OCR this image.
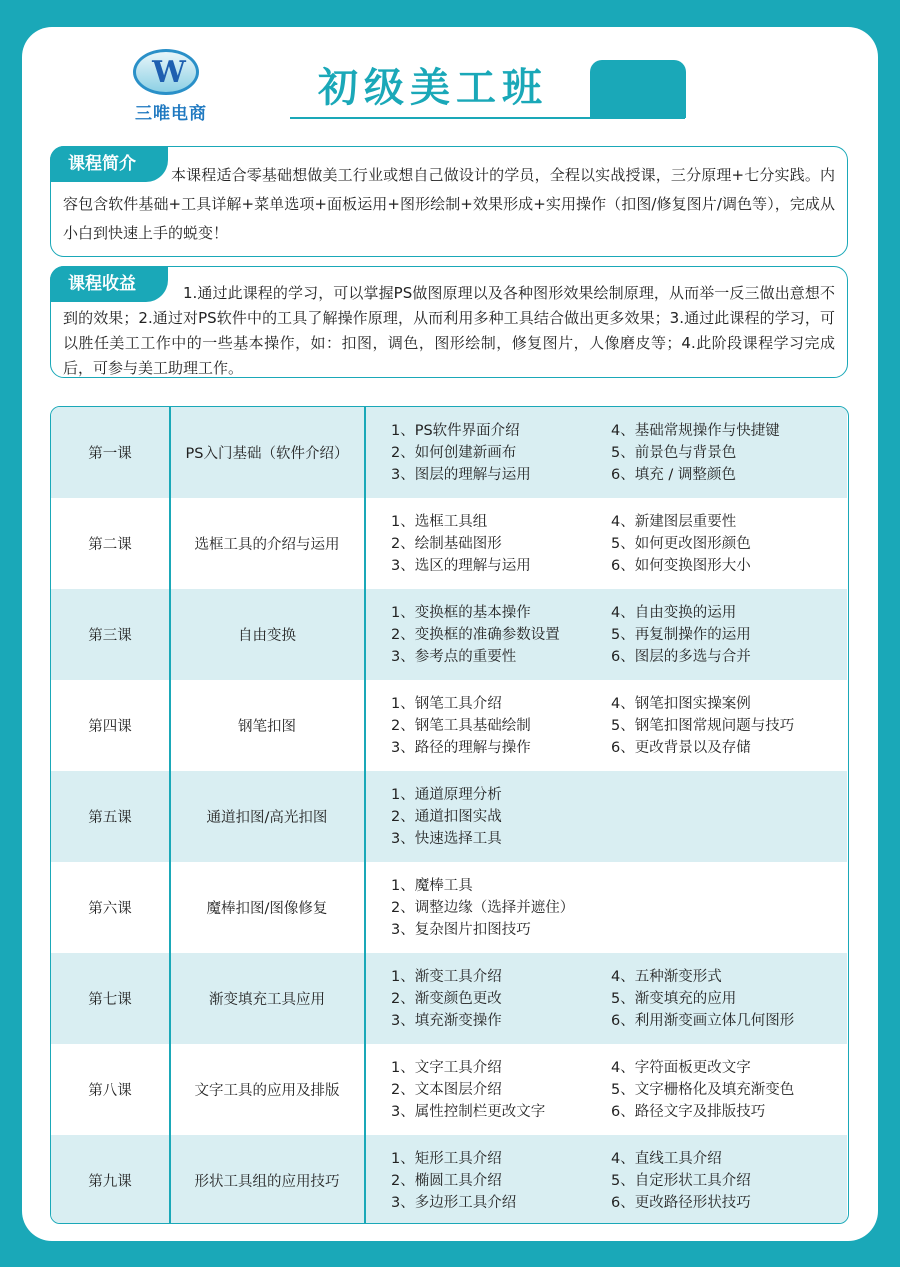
W
三唯电商
初级美工班
本课程适合零基础想做美工行业或想自己做设计的学员，全程以实战授课，三分原理+七分实践。内容包含软件基础+工具详解+菜单选项+面板运用+图形绘制+效果形成+实用操作（扣图/修复图片/调色等），完成从小白到快速上手的蜕变！
课程简介
1.通过此课程的学习，可以掌握PS做图原理以及各种图形效果绘制原理，从而举一反三做出意想不到的效果；2.通过对PS软件中的工具了解操作原理，从而利用多种工具结合做出更多效果；3.通过此课程的学习，可以胜任美工工作中的一些基本操作，如：扣图，调色，图形绘制，修复图片，人像磨皮等；4.此阶段课程学习完成后，可参与美工助理工作。
课程收益
第一课	PS入门基础（软件介绍）
1、PS软件界面介绍
2、如何创建新画布
3、图层的理解与运用
4、基础常规操作与快捷键
5、前景色与背景色
6、填充 / 调整颜色
第二课	选框工具的介绍与运用
1、选框工具组
2、绘制基础图形
3、选区的理解与运用
4、新建图层重要性
5、如何更改图形颜色
6、如何变换图形大小
第三课	自由变换
1、变换框的基本操作
2、变换框的准确参数设置
3、参考点的重要性
4、自由变换的运用
5、再复制操作的运用
6、图层的多选与合并
第四课	钢笔扣图
1、钢笔工具介绍
2、钢笔工具基础绘制
3、路径的理解与操作
4、钢笔扣图实操案例
5、钢笔扣图常规问题与技巧
6、更改背景以及存储
第五课	通道扣图/高光扣图
1、通道原理分析
2、通道扣图实战
3、快速选择工具

第六课	魔棒扣图/图像修复
1、魔棒工具
2、调整边缘（选择并遮住）
3、复杂图片扣图技巧

第七课	渐变填充工具应用
1、渐变工具介绍
2、渐变颜色更改
3、填充渐变操作
4、五种渐变形式
5、渐变填充的应用
6、利用渐变画立体几何图形
第八课	文字工具的应用及排版
1、文字工具介绍
2、文本图层介绍
3、属性控制栏更改文字
4、字符面板更改文字
5、文字栅格化及填充渐变色
6、路径文字及排版技巧
第九课	形状工具组的应用技巧
1、矩形工具介绍
2、椭圆工具介绍
3、多边形工具介绍
4、直线工具介绍
5、自定形状工具介绍
6、更改路径形状技巧
